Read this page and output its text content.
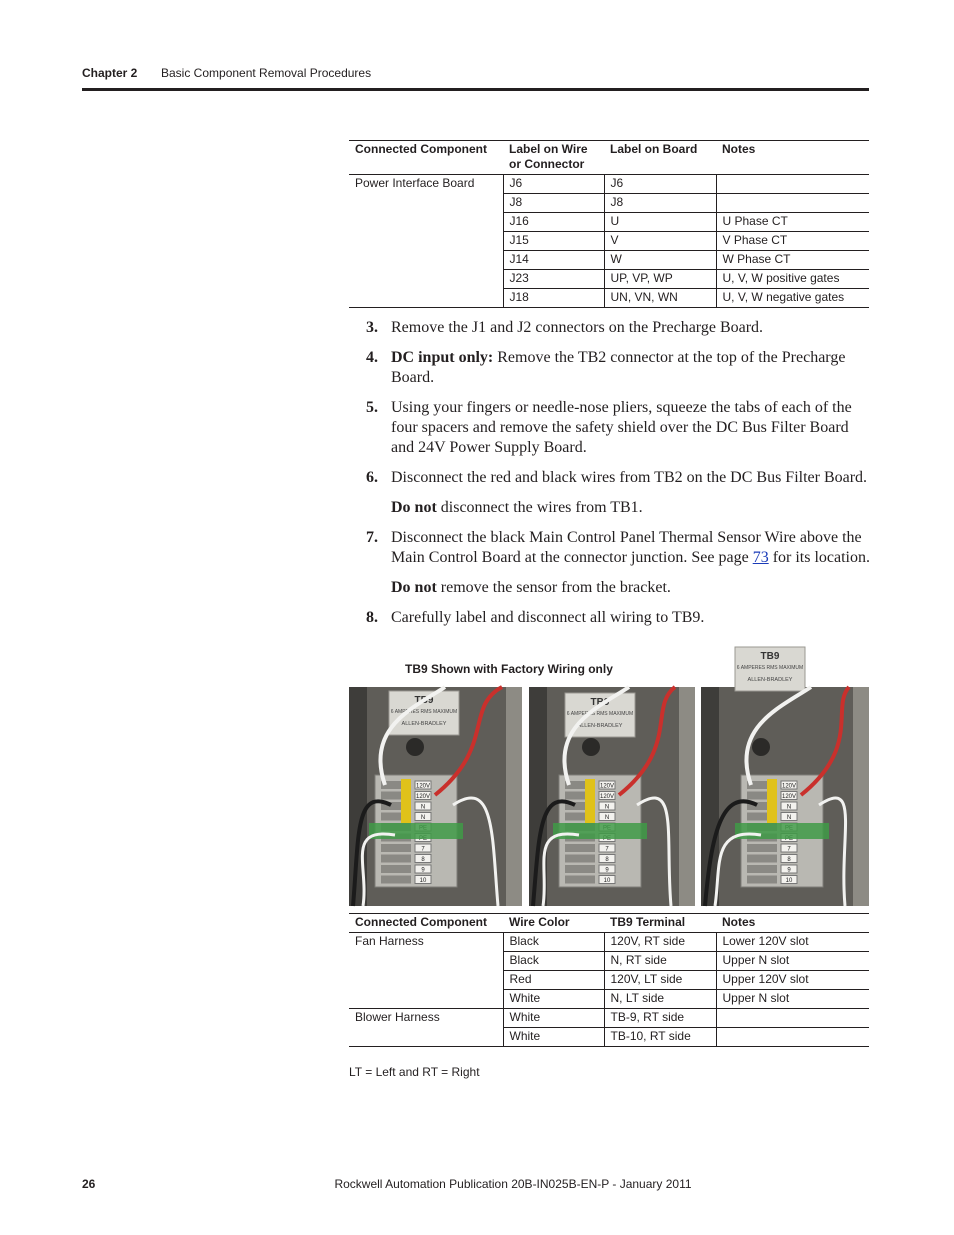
Chapter 2 Basic Component Removal Procedures
Connected Component	Label on Wire or Connector	Label on Board	Notes
Power Interface Board	J6	J6	
	J8	J8	
	J16	U	U Phase CT
	J15	V	V Phase CT
	J14	W	W Phase CT
	J23	UP, VP, WP	U, V, W positive gates
	J18	UN, VN, WN	U, V, W negative gates
3. Remove the J1 and J2 connectors on the Precharge Board.
4. DC input only: Remove the TB2 connector at the top of the Precharge Board.
5. Using your fingers or needle-nose pliers, squeeze the tabs of each of the four spacers and remove the safety shield over the DC Bus Filter Board and 24V Power Supply Board.
6. Disconnect the red and black wires from TB2 on the DC Bus Filter Board.
Do not disconnect the wires from TB1.
7. Disconnect the black Main Control Panel Thermal Sensor Wire above the Main Control Board at the connector junction. See page 73 for its location.
Do not remove the sensor from the bracket.
8. Carefully label and disconnect all wiring to TB9.
TB9 Shown with Factory Wiring only
TB9
6 AMPERES RMS MAXIMUM
ALLEN-BRADLEY
120V
120V
N
N
7
8
9
10
TB9
6 AMPERES RMS MAXIMUM
ALLEN-BRADLEY
120V
120V
N
N
7
8
9
10
TB9
6 AMPERES RMS MAXIMUM
ALLEN-BRADLEY
120V
120V
N
N
7
8
9
10
Connected Component	Wire Color	TB9 Terminal	Notes
Fan Harness	Black	120V, RT side	Lower 120V slot
	Black	N, RT side	Upper N slot
	Red	120V, LT side	Upper 120V slot
	White	N, LT side	Upper N slot
Blower Harness	White	TB-9, RT side	
	White	TB-10, RT side	
LT = Left and RT = Right
26	Rockwell Automation Publication 20B-IN025B-EN-P - January 2011
